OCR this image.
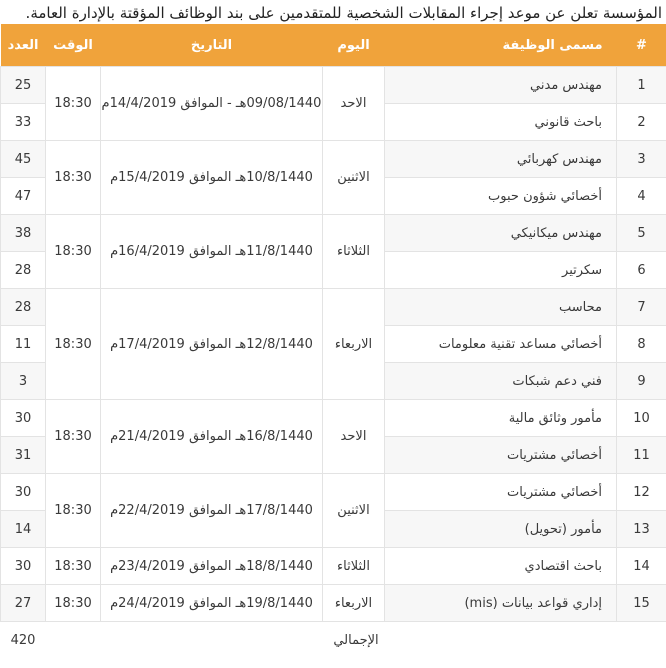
المؤسسة تعلن عن موعد إجراء المقابلات الشخصية للمتقدمين على بند الوظائف المؤقتة بالإدارة العامة.
#	مسمى الوظيفة	اليوم	التاريخ	الوقت	العدد
1	مهندس مدني	الاحد	09/08/1440هـ - الموافق 14/4/2019م	18:30	25
2	باحث قانوني				33
3	مهندس كهربائي	الاثنين	10/8/1440هـ الموافق 15/4/2019م	18:30	45
4	أخصائي شؤون حبوب				47
5	مهندس ميكانيكي	الثلاثاء	11/8/1440هـ الموافق 16/4/2019م	18:30	38
6	سكرتير				28
7	محاسب	الاربعاء	12/8/1440هـ الموافق 17/4/2019م	18:30	28
8	أخصائي مساعد تقنية معلومات				11
9	فني دعم شبكات				3
10	مأمور وثائق مالية	الاحد	16/8/1440هـ الموافق 21/4/2019م	18:30	30
11	أخصائي مشتريات				31
12	أخصائي مشتريات	الاثنين	17/8/1440هـ الموافق 22/4/2019م	18:30	30
13	مأمور (تحويل)				14
14	باحث اقتصادي	الثلاثاء	18/8/1440هـ الموافق 23/4/2019م	18:30	30
15	إداري قواعد بيانات (mis)	الاربعاء	19/8/1440هـ الموافق 24/4/2019م	18:30	27
الإجمالي					420
